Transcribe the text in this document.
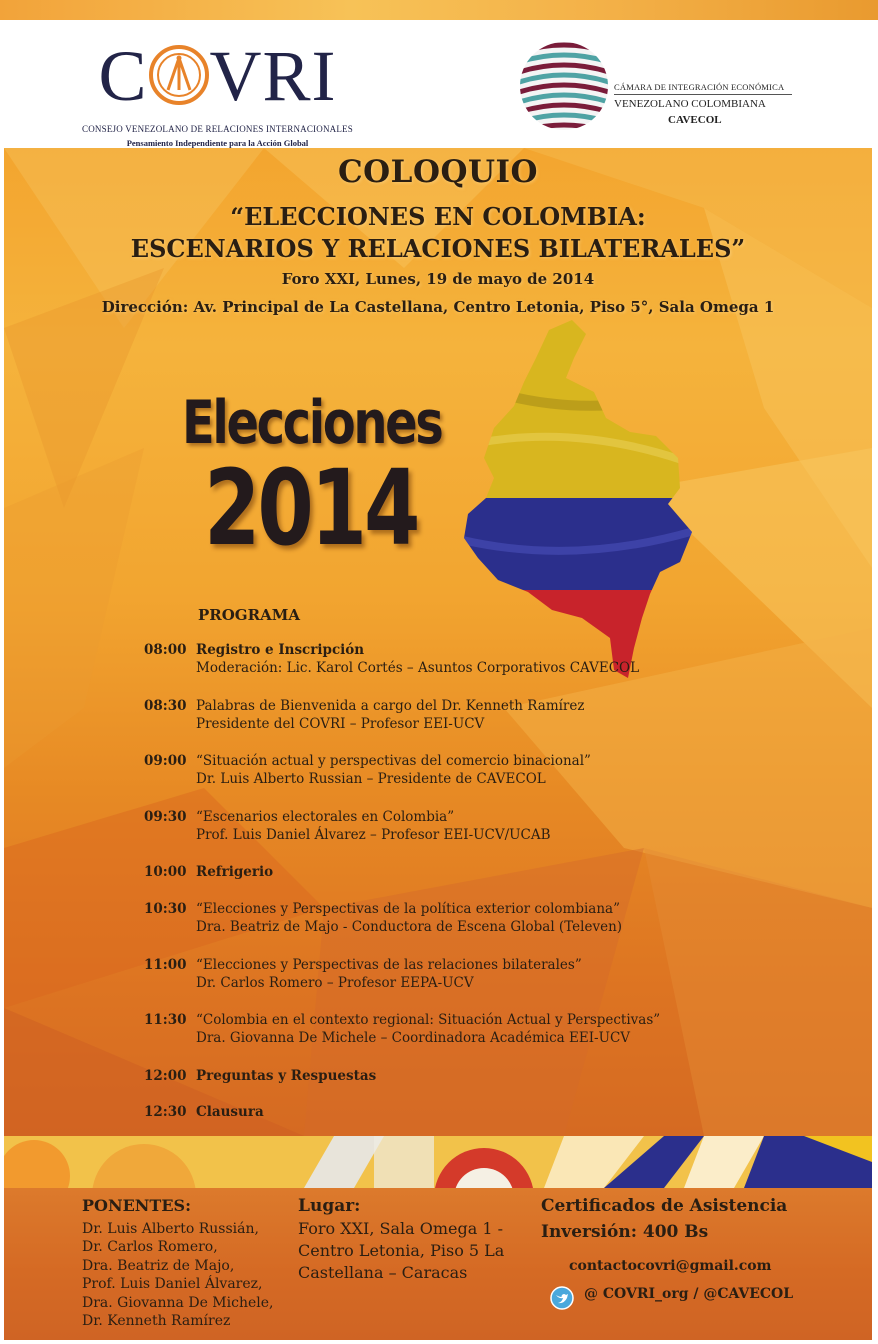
C VRI
CONSEJO VENEZOLANO DE RELACIONES INTERNACIONALES
Pensamiento Independiente para la Acción Global
CÁMARA DE INTEGRACIÓN ECONÓMICA
VENEZOLANO COLOMBIANA
CAVECOL
COLOQUIO
“ELECCIONES EN COLOMBIA:
ESCENARIOS Y RELACIONES BILATERALES”
Foro XXI, Lunes, 19 de mayo de 2014
Dirección: Av. Principal de La Castellana, Centro Letonia, Piso 5°, Sala Omega 1
Elecciones
2014
PROGRAMA
08:00 Registro e Inscripción
Moderación: Lic. Karol Cortés – Asuntos Corporativos CAVECOL
08:30 Palabras de Bienvenida a cargo del Dr. Kenneth Ramírez
Presidente del COVRI – Profesor EEI-UCV
09:00 “Situación actual y perspectivas del comercio binacional”
Dr. Luis Alberto Russian – Presidente de CAVECOL
09:30 “Escenarios electorales en Colombia”
Prof. Luis Daniel Álvarez – Profesor EEI-UCV/UCAB
10:00 Refrigerio
10:30 “Elecciones y Perspectivas de la política exterior colombiana”
Dra. Beatriz de Majo - Conductora de Escena Global (Televen)
11:00 “Elecciones y Perspectivas de las relaciones bilaterales”
Dr. Carlos Romero – Profesor EEPA-UCV
11:30 “Colombia en el contexto regional: Situación Actual y Perspectivas”
Dra. Giovanna De Michele – Coordinadora Académica EEI-UCV
12:00 Preguntas y Respuestas
12:30 Clausura
PONENTES:
Dr. Luis Alberto Russián,
Dr. Carlos Romero,
Dra. Beatriz de Majo,
Prof. Luis Daniel Álvarez,
Dra. Giovanna De Michele,
Dr. Kenneth Ramírez
Lugar:
Foro XXI, Sala Omega 1 -
Centro Letonia, Piso 5 La
Castellana – Caracas
Certificados de Asistencia
Inversión: 400 Bs
contactocovri@gmail.com
@ COVRI_org / @CAVECOL
